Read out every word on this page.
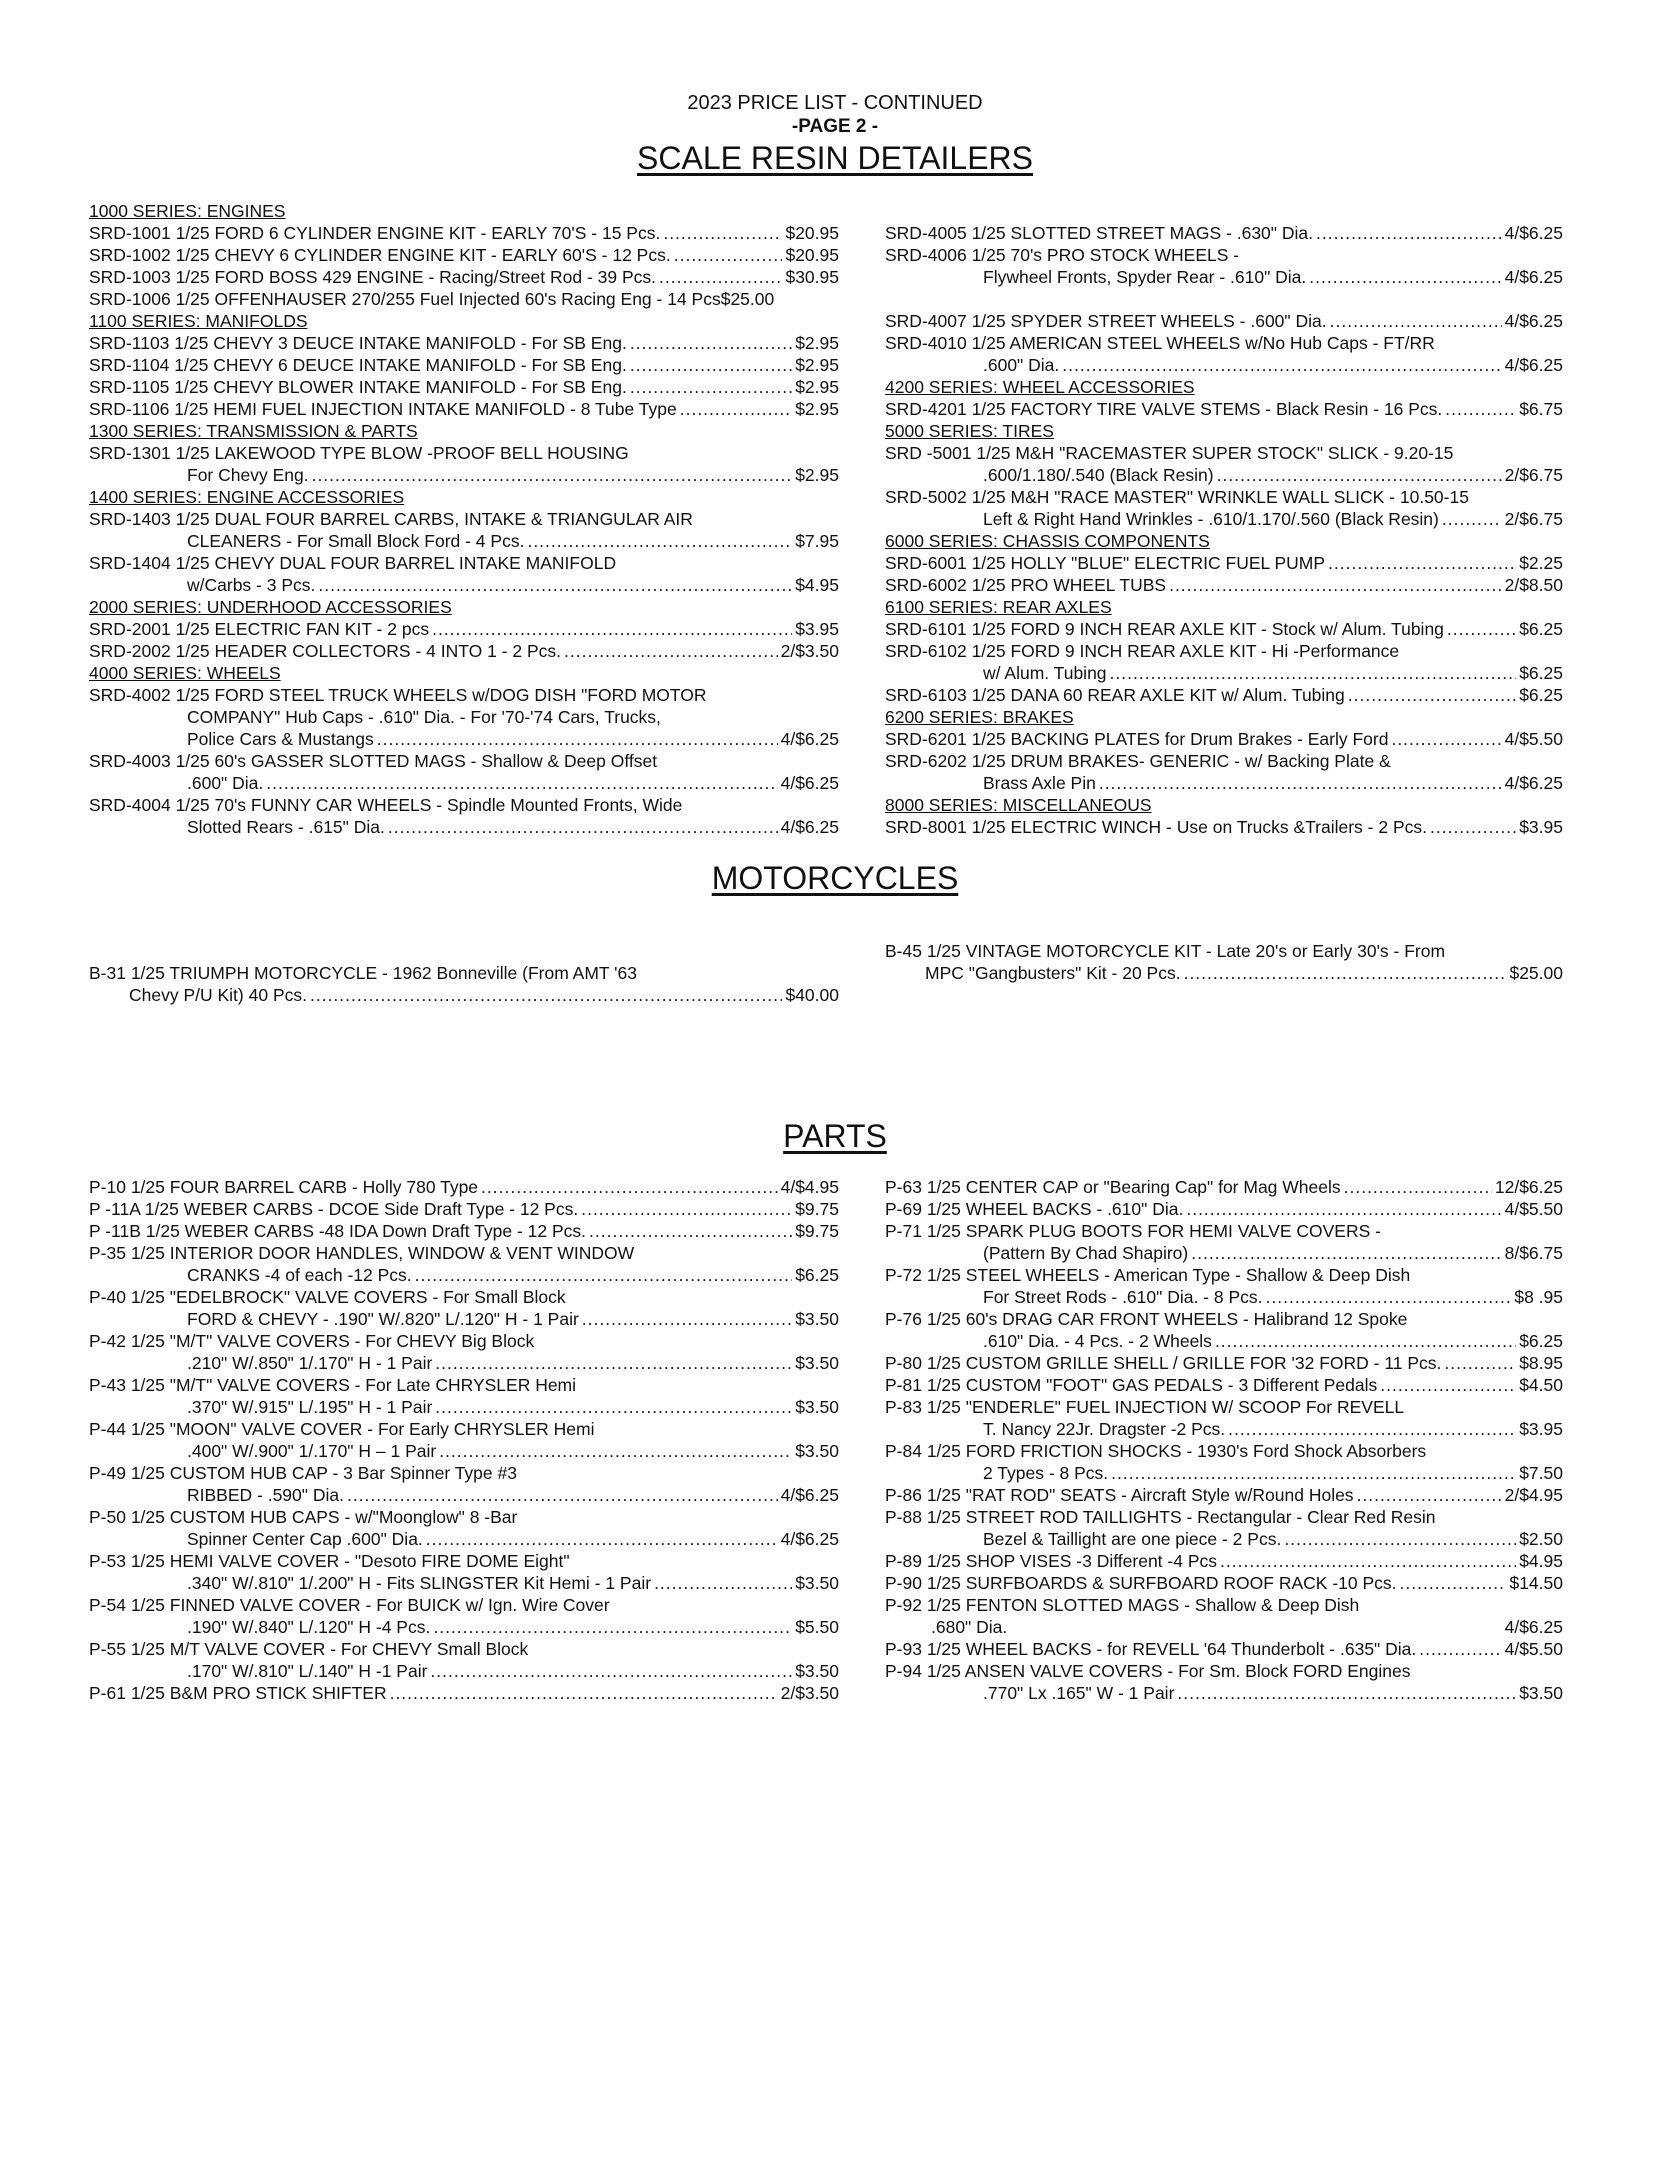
2023 PRICE LIST - CONTINUED
-PAGE 2 -
SCALE RESIN DETAILERS
1000 SERIES: ENGINES
SRD-1001 1/25 FORD 6 CYLINDER ENGINE KIT - EARLY 70'S - 15 Pcs. .....	$20.95
SRD-1002 1/25 CHEVY 6 CYLINDER ENGINE KIT - EARLY 60'S - 12 Pcs. .....	$20.95
SRD-1003 1/25 FORD BOSS 429 ENGINE - Racing/Street Rod - 39 Pcs. .....	$30.95
SRD-1006 1/25 OFFENHAUSER 270/255 Fuel Injected 60's Racing Eng - 14 Pcs$25.00
1100 SERIES: MANIFOLDS
SRD-1103 1/25 CHEVY 3 DEUCE INTAKE MANIFOLD - For SB Eng. .....	$2.95
SRD-1104 1/25 CHEVY 6 DEUCE INTAKE MANIFOLD - For SB Eng. .....	$2.95
SRD-1105 1/25 CHEVY BLOWER INTAKE MANIFOLD - For SB Eng. .....	$2.95
SRD-1106 1/25 HEMI FUEL INJECTION INTAKE MANIFOLD - 8 Tube Type .....	$2.95
1300 SERIES: TRANSMISSION & PARTS
SRD-1301 1/25 LAKEWOOD TYPE BLOW -PROOF BELL HOUSING
For Chevy Eng. .....	$2.95
1400 SERIES: ENGINE ACCESSORIES
SRD-1403 1/25 DUAL FOUR BARREL CARBS, INTAKE & TRIANGULAR AIR
CLEANERS - For Small Block Ford - 4 Pcs. .....	$7.95
SRD-1404 1/25 CHEVY DUAL FOUR BARREL INTAKE MANIFOLD
w/Carbs - 3 Pcs. .....	$4.95
2000 SERIES: UNDERHOOD ACCESSORIES
SRD-2001 1/25 ELECTRIC FAN KIT - 2 pcs .....	$3.95
SRD-2002 1/25 HEADER COLLECTORS - 4 INTO 1 - 2 Pcs. .....	2/$3.50
4000 SERIES: WHEELS
SRD-4002 1/25 FORD STEEL TRUCK WHEELS w/DOG DISH "FORD MOTOR
COMPANY" Hub Caps - .610" Dia. - For '70-'74 Cars, Trucks,
Police Cars & Mustangs .....	4/$6.25
SRD-4003 1/25 60's GASSER SLOTTED MAGS - Shallow & Deep Offset
.600" Dia. .....	4/$6.25
SRD-4004 1/25 70's FUNNY CAR WHEELS - Spindle Mounted Fronts, Wide
Slotted Rears - .615" Dia. .....	4/$6.25
SRD-4005 1/25 SLOTTED STREET MAGS - .630" Dia. .....	4/$6.25
SRD-4006 1/25 70's PRO STOCK WHEELS -
Flywheel Fronts, Spyder Rear - .610" Dia. .....	4/$6.25
SRD-4007 1/25 SPYDER STREET WHEELS - .600" Dia. .....	4/$6.25
SRD-4010 1/25 AMERICAN STEEL WHEELS w/No Hub Caps - FT/RR
.600" Dia. .....	4/$6.25
4200 SERIES: WHEEL ACCESSORIES
SRD-4201 1/25 FACTORY TIRE VALVE STEMS - Black Resin - 16 Pcs. .....	$6.75
5000 SERIES: TIRES
SRD -5001 1/25 M&H "RACEMASTER SUPER STOCK" SLICK - 9.20-15
.600/1.180/.540 (Black Resin) .....	2/$6.75
SRD-5002 1/25 M&H "RACE MASTER" WRINKLE WALL SLICK - 10.50-15
Left & Right Hand Wrinkles - .610/1.170/.560 (Black Resin) .....	2/$6.75
6000 SERIES: CHASSIS COMPONENTS
SRD-6001 1/25 HOLLY "BLUE" ELECTRIC FUEL PUMP .....	$2.25
SRD-6002 1/25 PRO WHEEL TUBS .....	2/$8.50
6100 SERIES: REAR AXLES
SRD-6101 1/25 FORD 9 INCH REAR AXLE KIT - Stock w/ Alum. Tubing .....	$6.25
SRD-6102 1/25 FORD 9 INCH REAR AXLE KIT - Hi -Performance
w/ Alum. Tubing .....	$6.25
SRD-6103 1/25 DANA 60 REAR AXLE KIT w/ Alum. Tubing .....	$6.25
6200 SERIES: BRAKES
SRD-6201 1/25 BACKING PLATES for Drum Brakes - Early Ford .....	4/$5.50
SRD-6202 1/25 DRUM BRAKES- GENERIC - w/ Backing Plate &
Brass Axle Pin .....	4/$6.25
8000 SERIES: MISCELLANEOUS
SRD-8001 1/25 ELECTRIC WINCH - Use on Trucks &Trailers - 2 Pcs. .....	$3.95
MOTORCYCLES
B-31 1/25 TRIUMPH MOTORCYCLE - 1962 Bonneville (From AMT '63
Chevy P/U Kit) 40 Pcs. .....	$40.00
B-45 1/25 VINTAGE MOTORCYCLE KIT - Late 20's or Early 30's - From
MPC "Gangbusters" Kit - 20 Pcs. .....	$25.00
PARTS
P-10 1/25 FOUR BARREL CARB - Holly 780 Type .....	4/$4.95
P -11A 1/25 WEBER CARBS - DCOE Side Draft Type - 12 Pcs. .....	$9.75
P -11B 1/25 WEBER CARBS -48 IDA Down Draft Type - 12 Pcs. .....	$9.75
P-35 1/25 INTERIOR DOOR HANDLES, WINDOW & VENT WINDOW
CRANKS -4 of each -12 Pcs. .....	$6.25
P-40 1/25 "EDELBROCK" VALVE COVERS - For Small Block
FORD & CHEVY - .190" W/.820" L/.120" H - 1 Pair .....	$3.50
P-42 1/25 "M/T" VALVE COVERS - For CHEVY Big Block
.210" W/.850" 1/.170" H - 1 Pair .....	$3.50
P-43 1/25 "M/T" VALVE COVERS - For Late CHRYSLER Hemi
.370" W/.915" L/.195" H - 1 Pair .....	$3.50
P-44 1/25 "MOON" VALVE COVER - For Early CHRYSLER Hemi
.400" W/.900" 1/.170" H – 1 Pair .....	$3.50
P-49 1/25 CUSTOM HUB CAP - 3 Bar Spinner Type #3
RIBBED - .590" Dia. .....	4/$6.25
P-50 1/25 CUSTOM HUB CAPS - w/"Moonglow" 8 -Bar
Spinner Center Cap .600" Dia. .....	4/$6.25
P-53 1/25 HEMI VALVE COVER - "Desoto FIRE DOME Eight"
.340" W/.810" 1/.200" H - Fits SLINGSTER Kit Hemi - 1 Pair .....	$3.50
P-54 1/25 FINNED VALVE COVER - For BUICK w/ Ign. Wire Cover
.190" W/.840" L/.120" H -4 Pcs. .....	$5.50
P-55 1/25 M/T VALVE COVER - For CHEVY Small Block
.170" W/.810" L/.140" H -1 Pair .....	$3.50
P-61 1/25 B&M PRO STICK SHIFTER .....	2/$3.50
P-63 1/25 CENTER CAP or "Bearing Cap" for Mag Wheels .....	12/$6.25
P-69 1/25 WHEEL BACKS - .610" Dia. .....	4/$5.50
P-71 1/25 SPARK PLUG BOOTS FOR HEMI VALVE COVERS -
(Pattern By Chad Shapiro) .....	8/$6.75
P-72 1/25 STEEL WHEELS - American Type - Shallow & Deep Dish
For Street Rods - .610" Dia. - 8 Pcs. .....	$8 .95
P-76 1/25 60's DRAG CAR FRONT WHEELS - Halibrand 12 Spoke
.610" Dia. - 4 Pcs. - 2 Wheels .....	$6.25
P-80 1/25 CUSTOM GRILLE SHELL / GRILLE FOR '32 FORD - 11 Pcs. .....	$8.95
P-81 1/25 CUSTOM "FOOT" GAS PEDALS - 3 Different Pedals .....	$4.50
P-83 1/25 "ENDERLE" FUEL INJECTION W/ SCOOP For REVELL
T. Nancy 22Jr. Dragster -2 Pcs. .....	$3.95
P-84 1/25 FORD FRICTION SHOCKS - 1930's Ford Shock Absorbers
2 Types - 8 Pcs. .....	$7.50
P-86 1/25 "RAT ROD" SEATS - Aircraft Style w/Round Holes .....	2/$4.95
P-88 1/25 STREET ROD TAILLIGHTS - Rectangular - Clear Red Resin
Bezel & Taillight are one piece - 2 Pcs. .....	$2.50
P-89 1/25 SHOP VISES -3 Different -4 Pcs .....	$4.95
P-90 1/25 SURFBOARDS & SURFBOARD ROOF RACK -10 Pcs. .....	$14.50
P-92 1/25 FENTON SLOTTED MAGS - Shallow & Deep Dish
.680" Dia.	4/$6.25
P-93 1/25 WHEEL BACKS - for REVELL '64 Thunderbolt - .635" Dia. .....	4/$5.50
P-94 1/25 ANSEN VALVE COVERS - For Sm. Block FORD Engines
.770" Lx .165" W - 1 Pair .....	$3.50
